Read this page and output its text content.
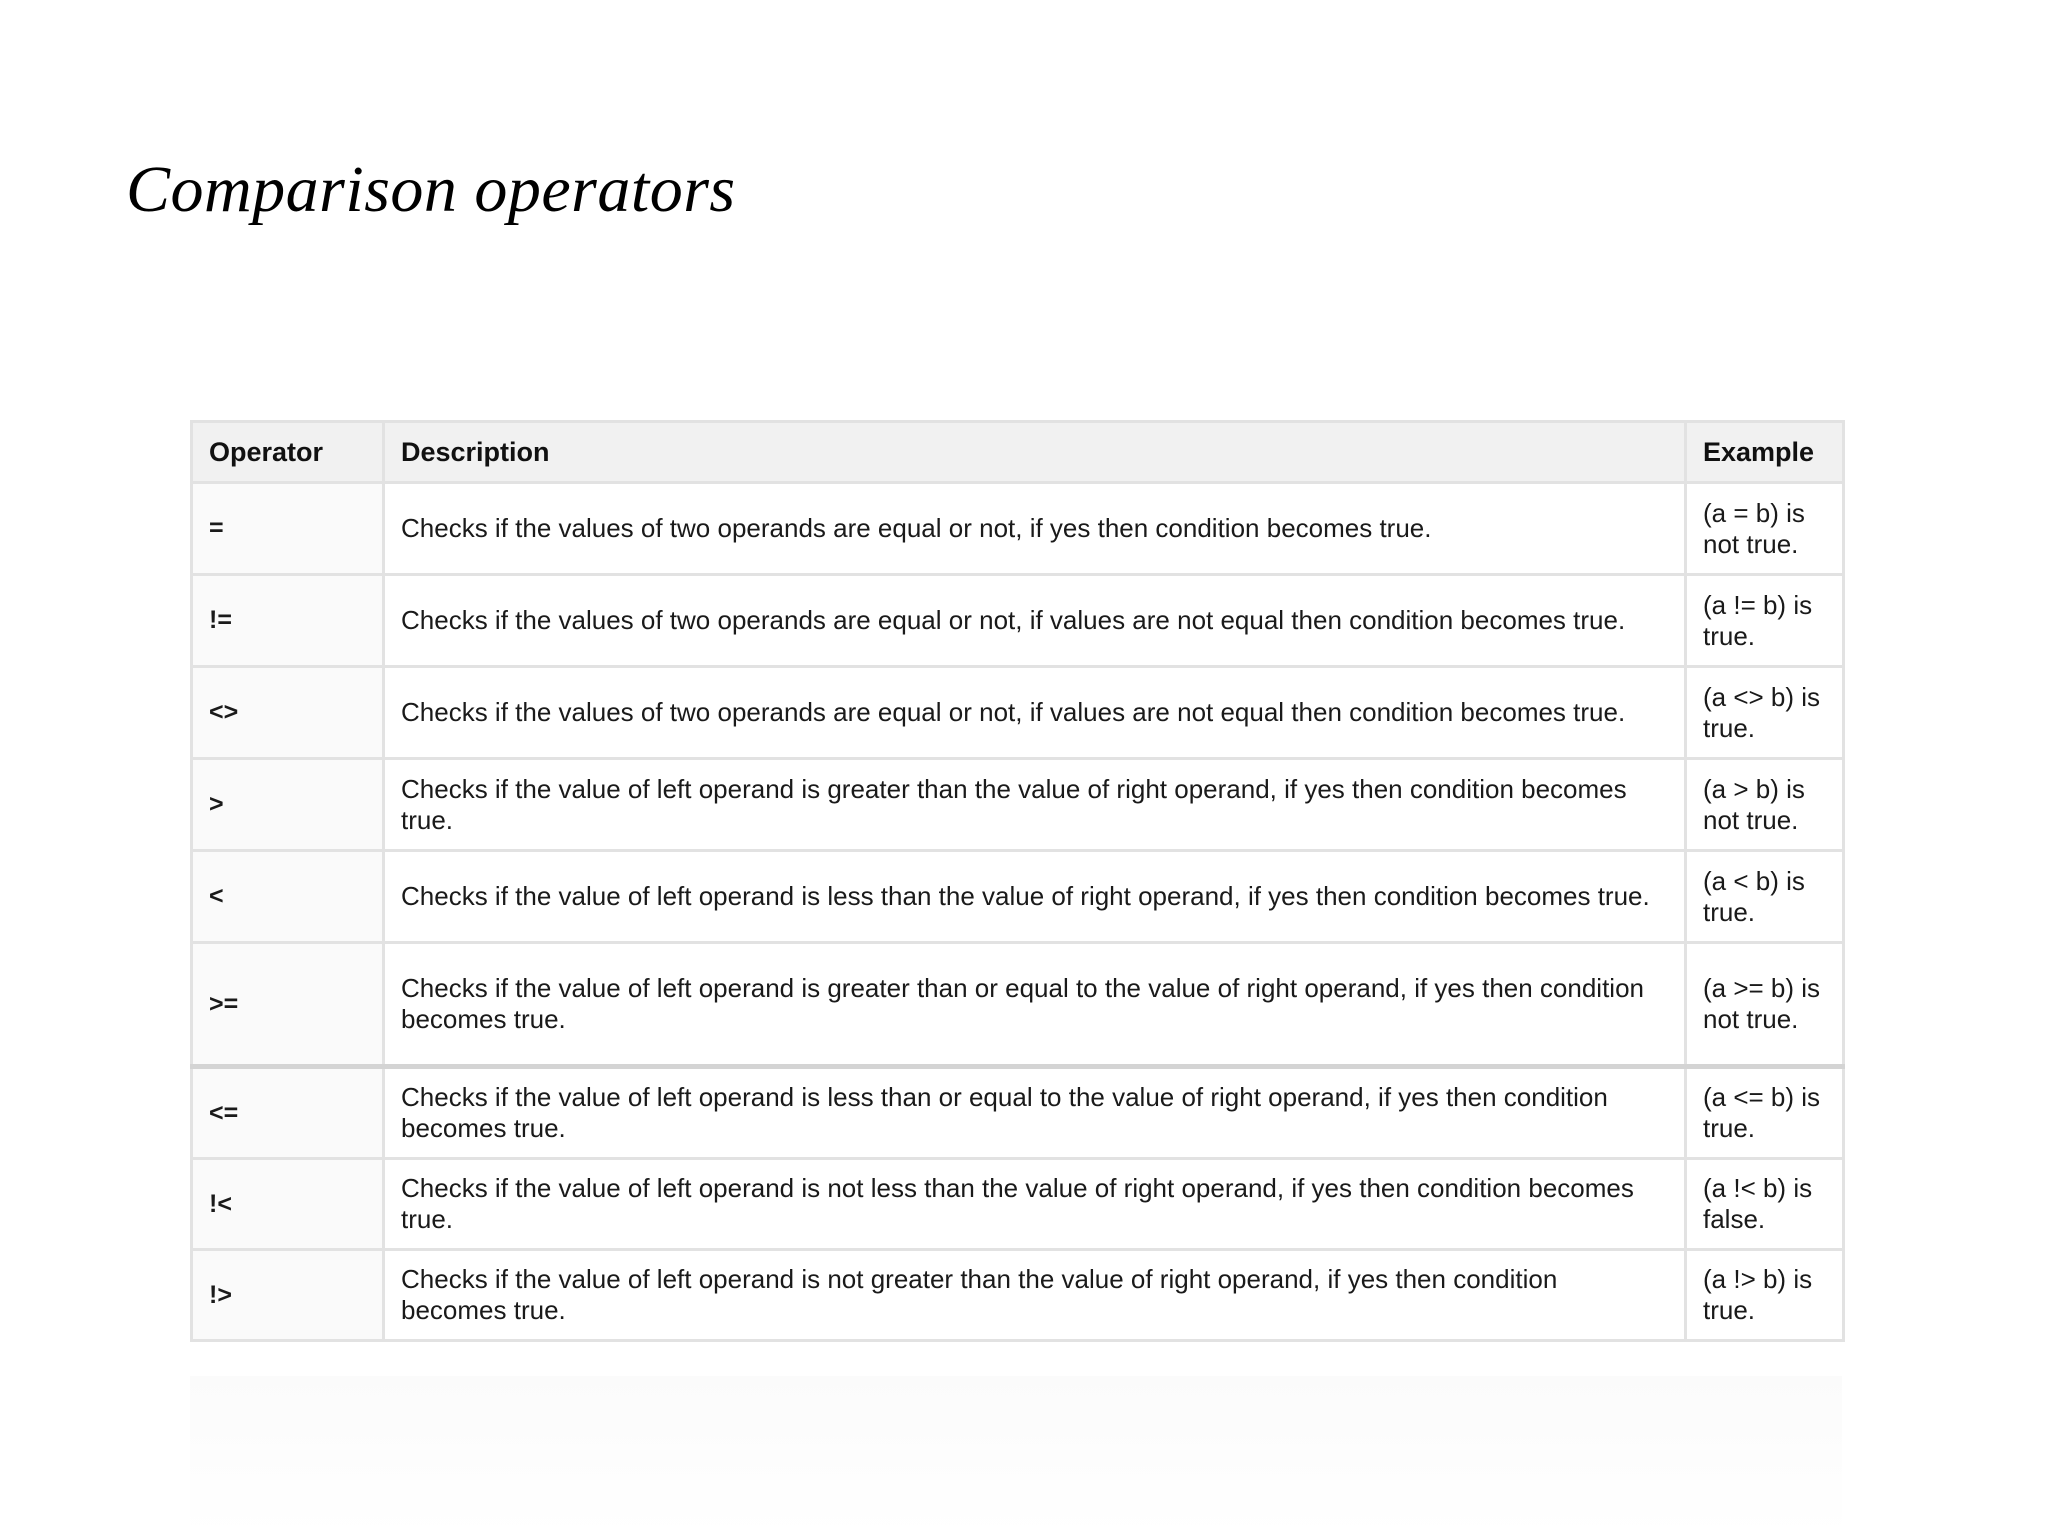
Comparison operators
Operator	Description	Example
=	Checks if the values of two operands are equal or not, if yes then condition becomes true.	(a = b) is not true.
!=	Checks if the values of two operands are equal or not, if values are not equal then condition becomes true.	(a != b) is true.
<>	Checks if the values of two operands are equal or not, if values are not equal then condition becomes true.	(a <> b) is true.
>	Checks if the value of left operand is greater than the value of right operand, if yes then condition becomes true.	(a > b) is not true.
<	Checks if the value of left operand is less than the value of right operand, if yes then condition becomes true.	(a < b) is true.
>=	Checks if the value of left operand is greater than or equal to the value of right operand, if yes then condition becomes true.	(a >= b) is not true.
<=	Checks if the value of left operand is less than or equal to the value of right operand, if yes then condition becomes true.	(a <= b) is true.
!<	Checks if the value of left operand is not less than the value of right operand, if yes then condition becomes true.	(a !< b) is false.
!>	Checks if the value of left operand is not greater than the value of right operand, if yes then condition becomes true.	(a !> b) is true.
